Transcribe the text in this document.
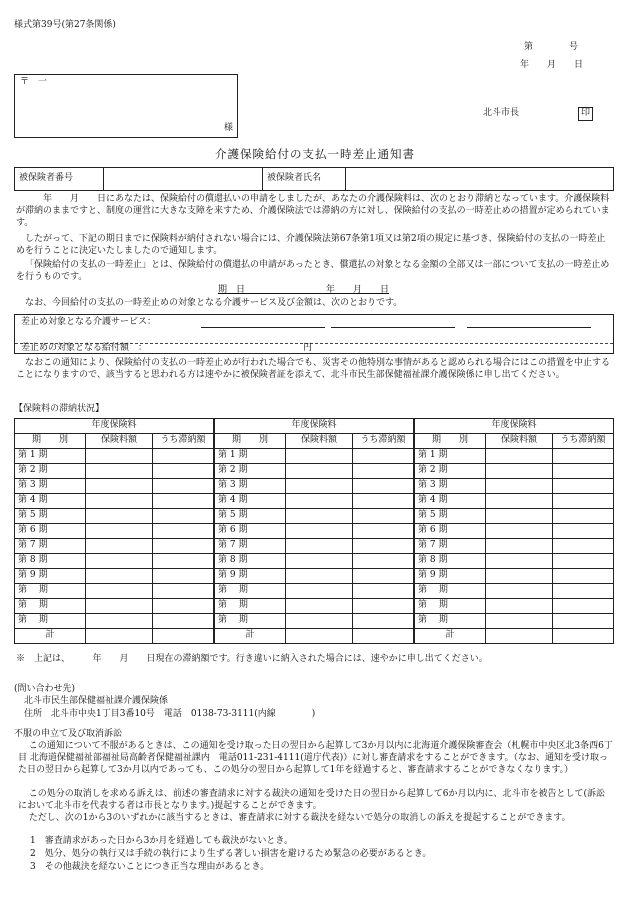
様式第39号(第27条関係)
第　　　　号
年　　月　　日
〒　一
様
北斗市長	印
介護保険給付の支払一時差止通知書
被保険者番号		被保険者氏名	
　　年　　月　　日にあなたは、保険給付の償還払いの申請をしましたが、あなたの介護保険料は、次のとおり滞納となっています。介護保険料が滞納のままですと、制度の運営に大きな支障を来すため、介護保険法では滞納の方に対し、保険給付の支払の一時差止めの措置が定められています。
したがって、下記の期日までに保険料が納付されない場合には、介護保険法第67条第1項又は第2項の規定に基づき、保険給付の支払の一時差止めを行うことに決定いたしましたので通知します。
「保険給付の支払の一時差止」とは、保険給付の償還払の申請があったとき、償還払の対象となる金額の全部又は一部について支払の一時差止めを行うものです。
期　日　　　　　　　　　年　　月　　日
なお、今回給付の支払の一時差止めの対象となる介護サービス及び金額は、次のとおりです。
差止め対象となる介護サービス：
差止めの対象となる給付額　：	円
なおこの通知により、保険給付の支払の一時差止めが行われた場合でも、災害その他特別な事情があると認められる場合にはこの措置を中止することになりますので、該当すると思われる方は速やかに被保険者証を添えて、北斗市民生部保健福祉課介護保険係に申し出てください。
【保険料の滞納状況】
年度保険料		
期　　別	保険料額	うち滞納額
第 1 期		
第 2 期		
第 3 期		
第 4 期		
第 5 期		
第 6 期		
第 7 期		
第 8 期		
第 9 期		
第　 期		
第　 期		
第　 期		
計		
年度保険料		
期　　別	保険料額	うち滞納額
第 1 期		
第 2 期		
第 3 期		
第 4 期		
第 5 期		
第 6 期		
第 7 期		
第 8 期		
第 9 期		
第　 期		
第　 期		
第　 期		
計		
年度保険料		
期　　別	保険料額	うち滞納額
第 1 期		
第 2 期		
第 3 期		
第 4 期		
第 5 期		
第 6 期		
第 7 期		
第 8 期		
第 9 期		
第　 期		
第　 期		
第　 期		
計		
※　上記は、　　　年　　月　　日現在の滞納額です。行き違いに納入された場合には、速やかに申し出てください。
(問い合わせ先)
北斗市民生部保健福祉課介護保険係
住所　北斗市中央1丁目3番10号　電話　0138-73-3111(内線　　　　)
不服の申立て及び取消訴訟
この通知について不服があるときは、この通知を受け取った日の翌日から起算して3か月以内に北海道介護保険審査会（札幌市中央区北3条西6丁目 北海道保健福祉部福祉局高齢者保健福祉課内　電話011-231-4111(道庁代表)）に対し審査請求をすることができます。（なお、通知を受け取った日の翌日から起算して3か月以内であっても、この処分の翌日から起算して1年を経過すると、審査請求することができなくなります。）
この処分の取消しを求める訴えは、前述の審査請求に対する裁決の通知を受けた日の翌日から起算して6か月以内に、北斗市を被告として(訴訟において北斗市を代表する者は市長となります。)提起することができます。
ただし、次の1から3のいずれかに該当するときは、審査請求に対する裁決を経ないで処分の取消しの訴えを提起することができます。
1　審査請求があった日から3か月を経過しても裁決がないとき。
2　処分、処分の執行又は手続の執行により生ずる著しい損害を避けるため緊急の必要があるとき。
3　その他裁決を経ないことにつき正当な理由があるとき。
